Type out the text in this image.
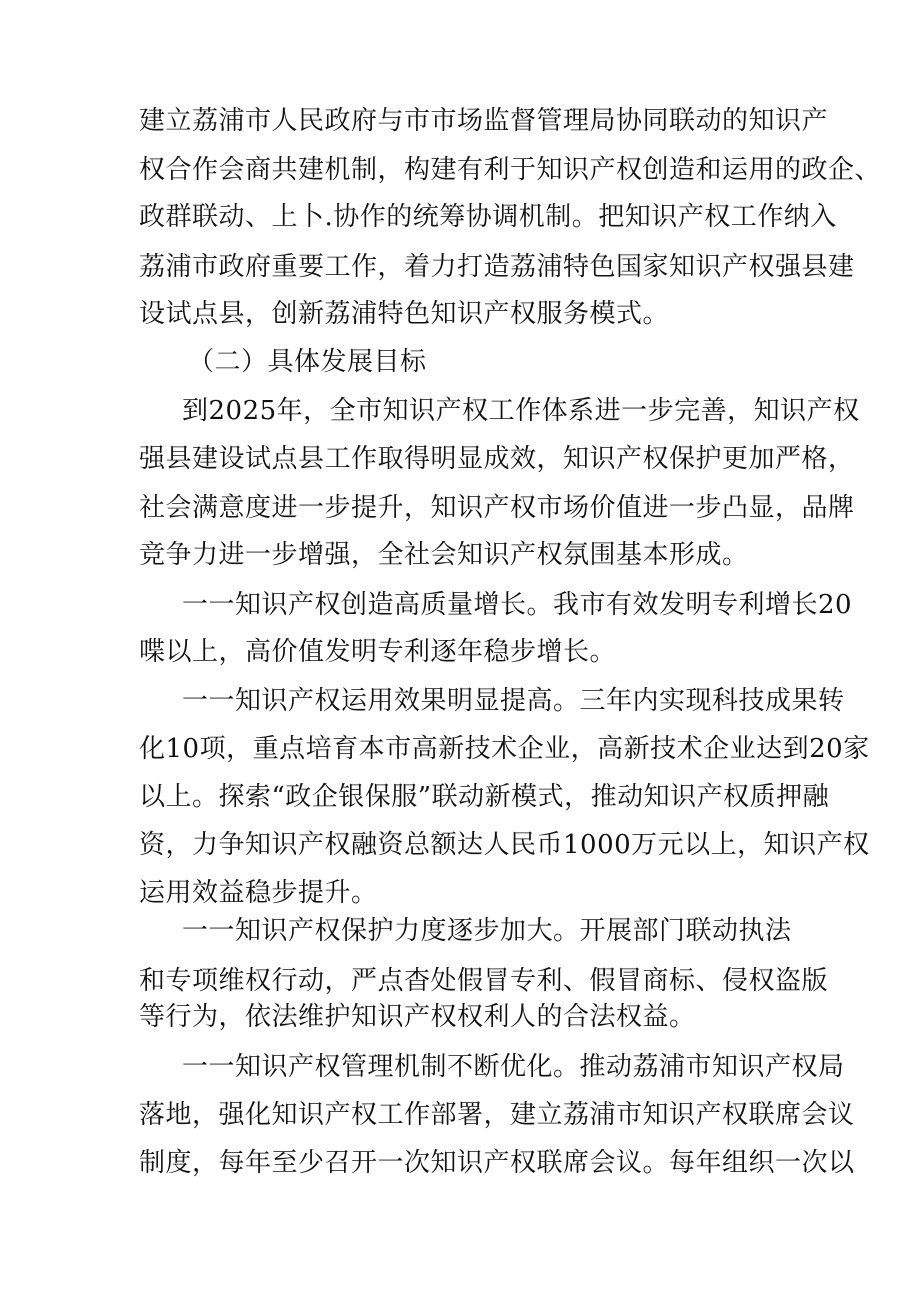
建立荔浦市人民政府与市市场监督管理局协同联动的知识产
权合作会商共建机制，构建有利于知识产权创造和运用的政企、
政群联动、上卜.协作的统筹协调机制。把知识产权工作纳入
荔浦市政府重要工作，着力打造荔浦特色国家知识产权强县建
设试点县，创新荔浦特色知识产权服务模式。
（二）具体发展目标
到2025年，全市知识产权工作体系进一步完善，知识产权
强县建设试点县工作取得明显成效，知识产权保护更加严格，
社会满意度进一步提升，知识产权市场价值进一步凸显，品牌
竞争力进一步增强，全社会知识产权氛围基本形成。
一一知识产权创造高质量增长。我市有效发明专利增长20
喋以上，高价值发明专利逐年稳步增长。
一一知识产权运用效果明显提高。三年内实现科技成果转
化10项，重点培育本市高新技术企业，高新技术企业达到20家
以上。探索“政企银保服”联动新模式，推动知识产权质押融
资，力争知识产权融资总额达人民币1000万元以上，知识产权
运用效益稳步提升。
一一知识产权保护力度逐步加大。开展部门联动执法
和专项维权行动，严点杳处假冒专利、假冒商标、侵权盗版
等行为，依法维护知识产权权利人的合法权益。
一一知识产权管理机制不断优化。推动荔浦市知识产权局
落地，强化知识产权工作部署，建立荔浦市知识产权联席会议
制度，每年至少召开一次知识产权联席会议。每年组织一次以
